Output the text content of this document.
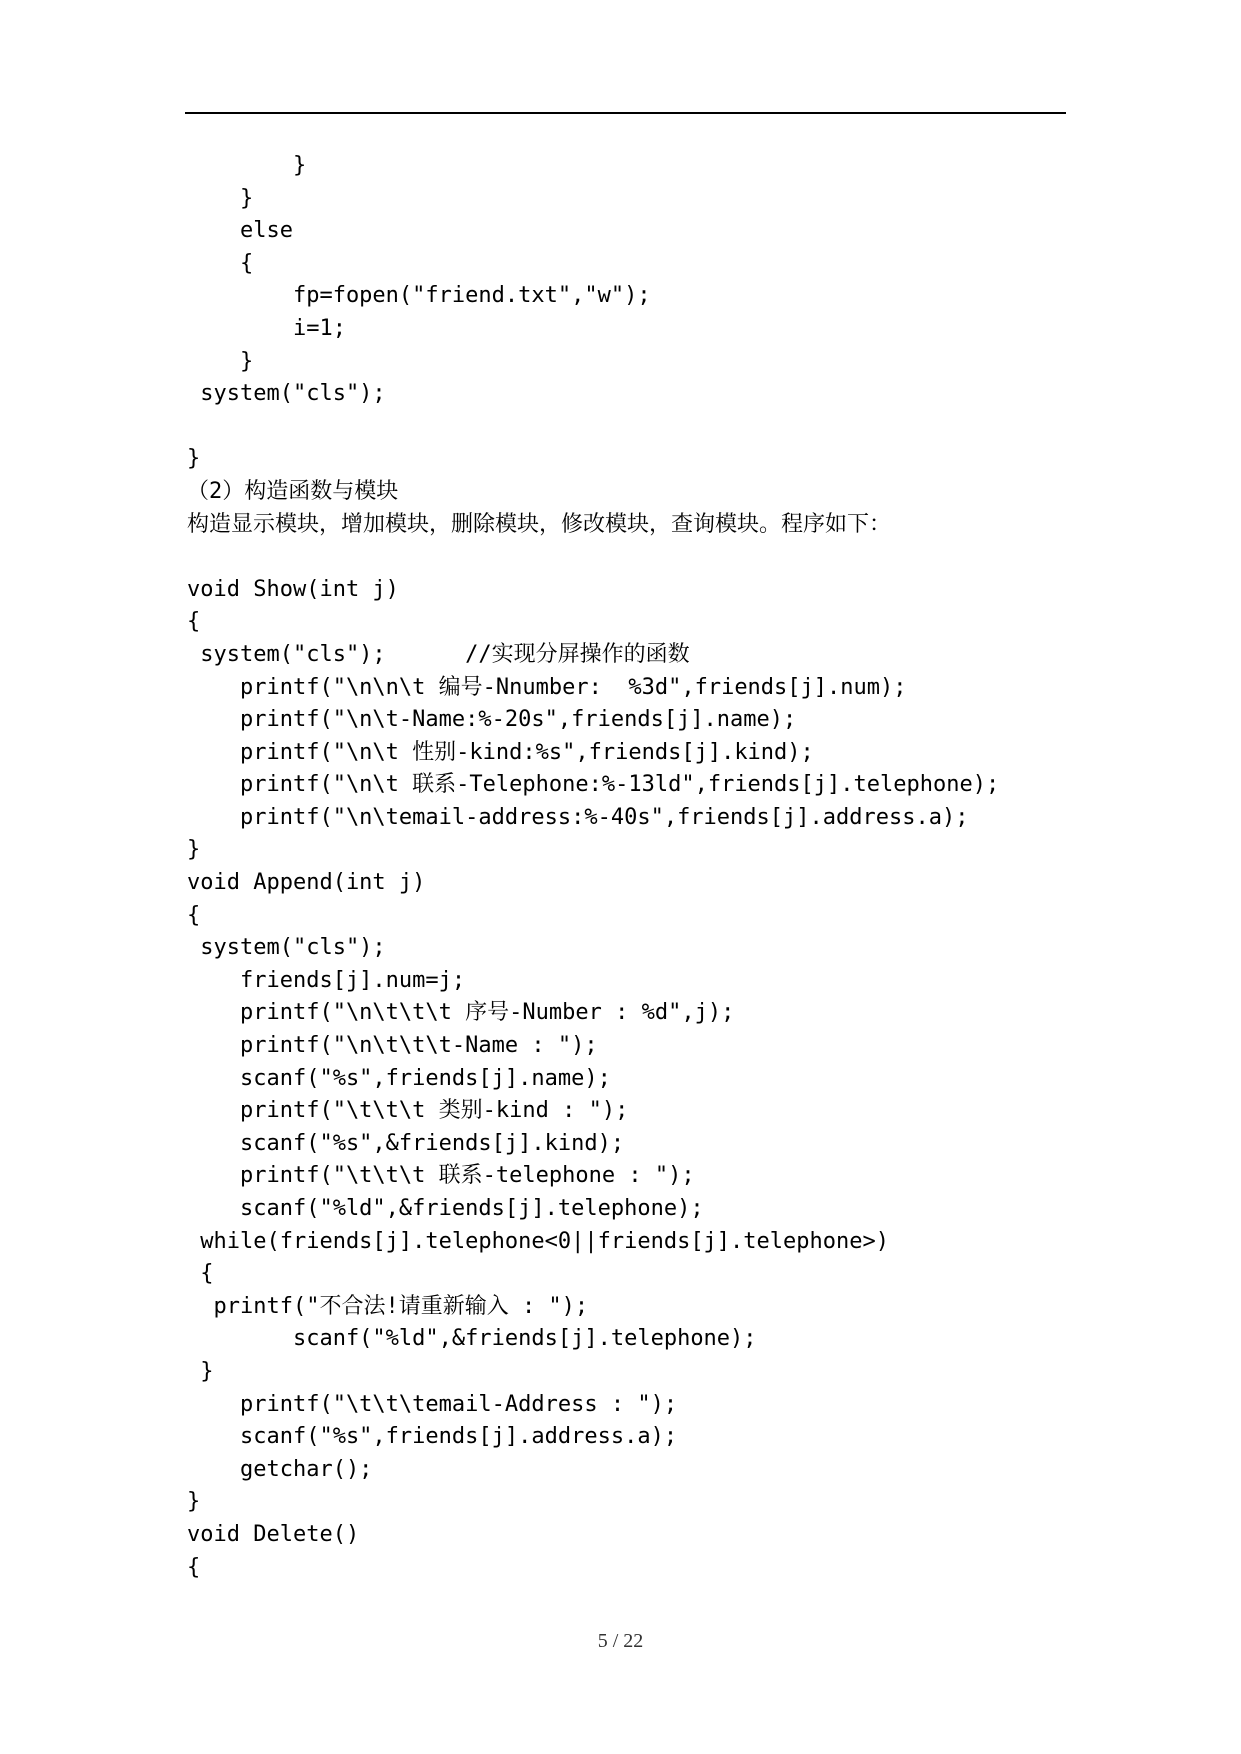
}
}
else
{
fp=fopen("friend.txt","w");
i=1;
}
system("cls");
}
（2）构造函数与模块
构造显示模块，增加模块，删除模块，修改模块，查询模块。程序如下：
void Show(int j)
{
system("cls");      //实现分屏操作的函数
printf("\n\n\t 编号-Nnumber:  %3d",friends[j].num);
printf("\n\t-Name:%-20s",friends[j].name);
printf("\n\t 性别-kind:%s",friends[j].kind);
printf("\n\t 联系-Telephone:%-13ld",friends[j].telephone);
printf("\n\temail-address:%-40s",friends[j].address.a);
}
void Append(int j)
{
system("cls");
friends[j].num=j;
printf("\n\t\t\t 序号-Number : %d",j);
printf("\n\t\t\t-Name : ");
scanf("%s",friends[j].name);
printf("\t\t\t 类别-kind : ");
scanf("%s",&friends[j].kind);
printf("\t\t\t 联系-telephone : ");
scanf("%ld",&friends[j].telephone);
while(friends[j].telephone<0||friends[j].telephone>)
{
printf("不合法!请重新输入 : ");
scanf("%ld",&friends[j].telephone);
}
printf("\t\t\temail-Address : ");
scanf("%s",friends[j].address.a);
getchar();
}
void Delete()
{
5 / 22
